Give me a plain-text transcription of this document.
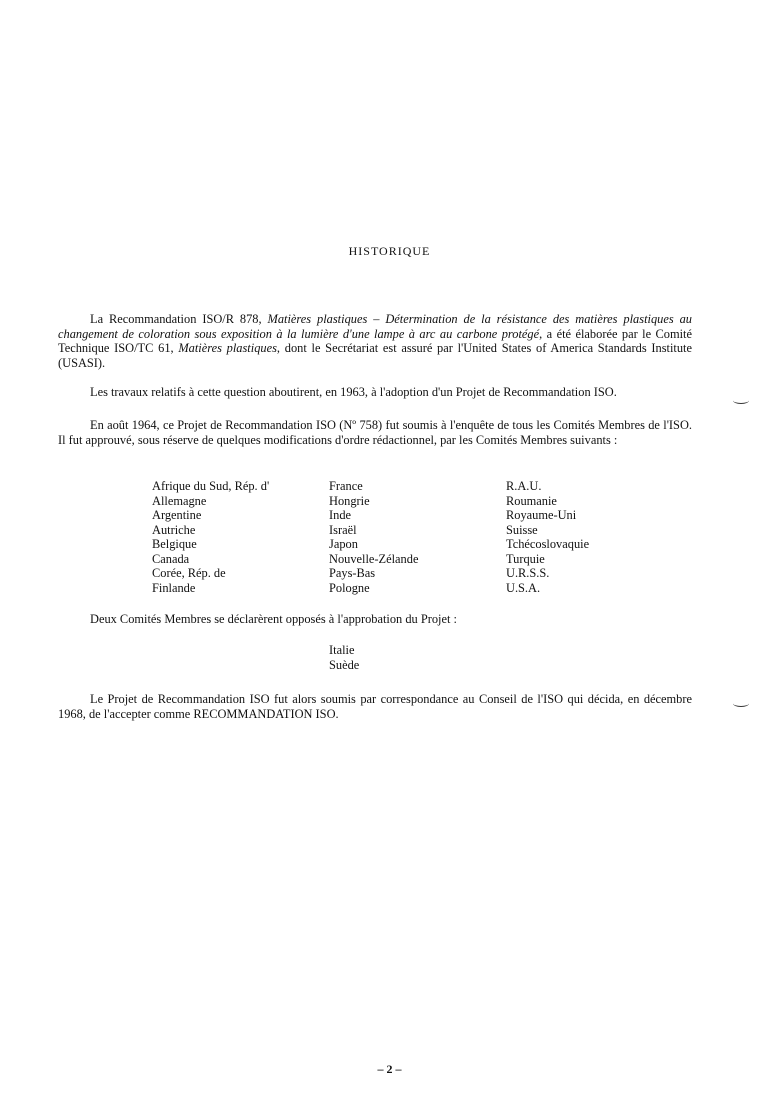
HISTORIQUE
La Recommandation ISO/R 878, Matières plastiques – Détermination de la résistance des matières plastiques au changement de coloration sous exposition à la lumière d'une lampe à arc au carbone protégé, a été élaborée par le Comité Technique ISO/TC 61, Matières plastiques, dont le Secrétariat est assuré par l'United States of America Standards Institute (USASI).
Les travaux relatifs à cette question aboutirent, en 1963, à l'adoption d'un Projet de Recommandation ISO.
En août 1964, ce Projet de Recommandation ISO (Nº 758) fut soumis à l'enquête de tous les Comités Membres de l'ISO. Il fut approuvé, sous réserve de quelques modifications d'ordre rédactionnel, par les Comités Membres suivants :
Afrique du Sud, Rép. d'
Allemagne
Argentine
Autriche
Belgique
Canada
Corée, Rép. de
Finlande
France
Hongrie
Inde
Israël
Japon
Nouvelle-Zélande
Pays-Bas
Pologne
R.A.U.
Roumanie
Royaume-Uni
Suisse
Tchécoslovaquie
Turquie
U.R.S.S.
U.S.A.
Deux Comités Membres se déclarèrent opposés à l'approbation du Projet :
Italie
Suède
Le Projet de Recommandation ISO fut alors soumis par correspondance au Conseil de l'ISO qui décida, en décembre 1968, de l'accepter comme RECOMMANDATION ISO.
– 2 –
